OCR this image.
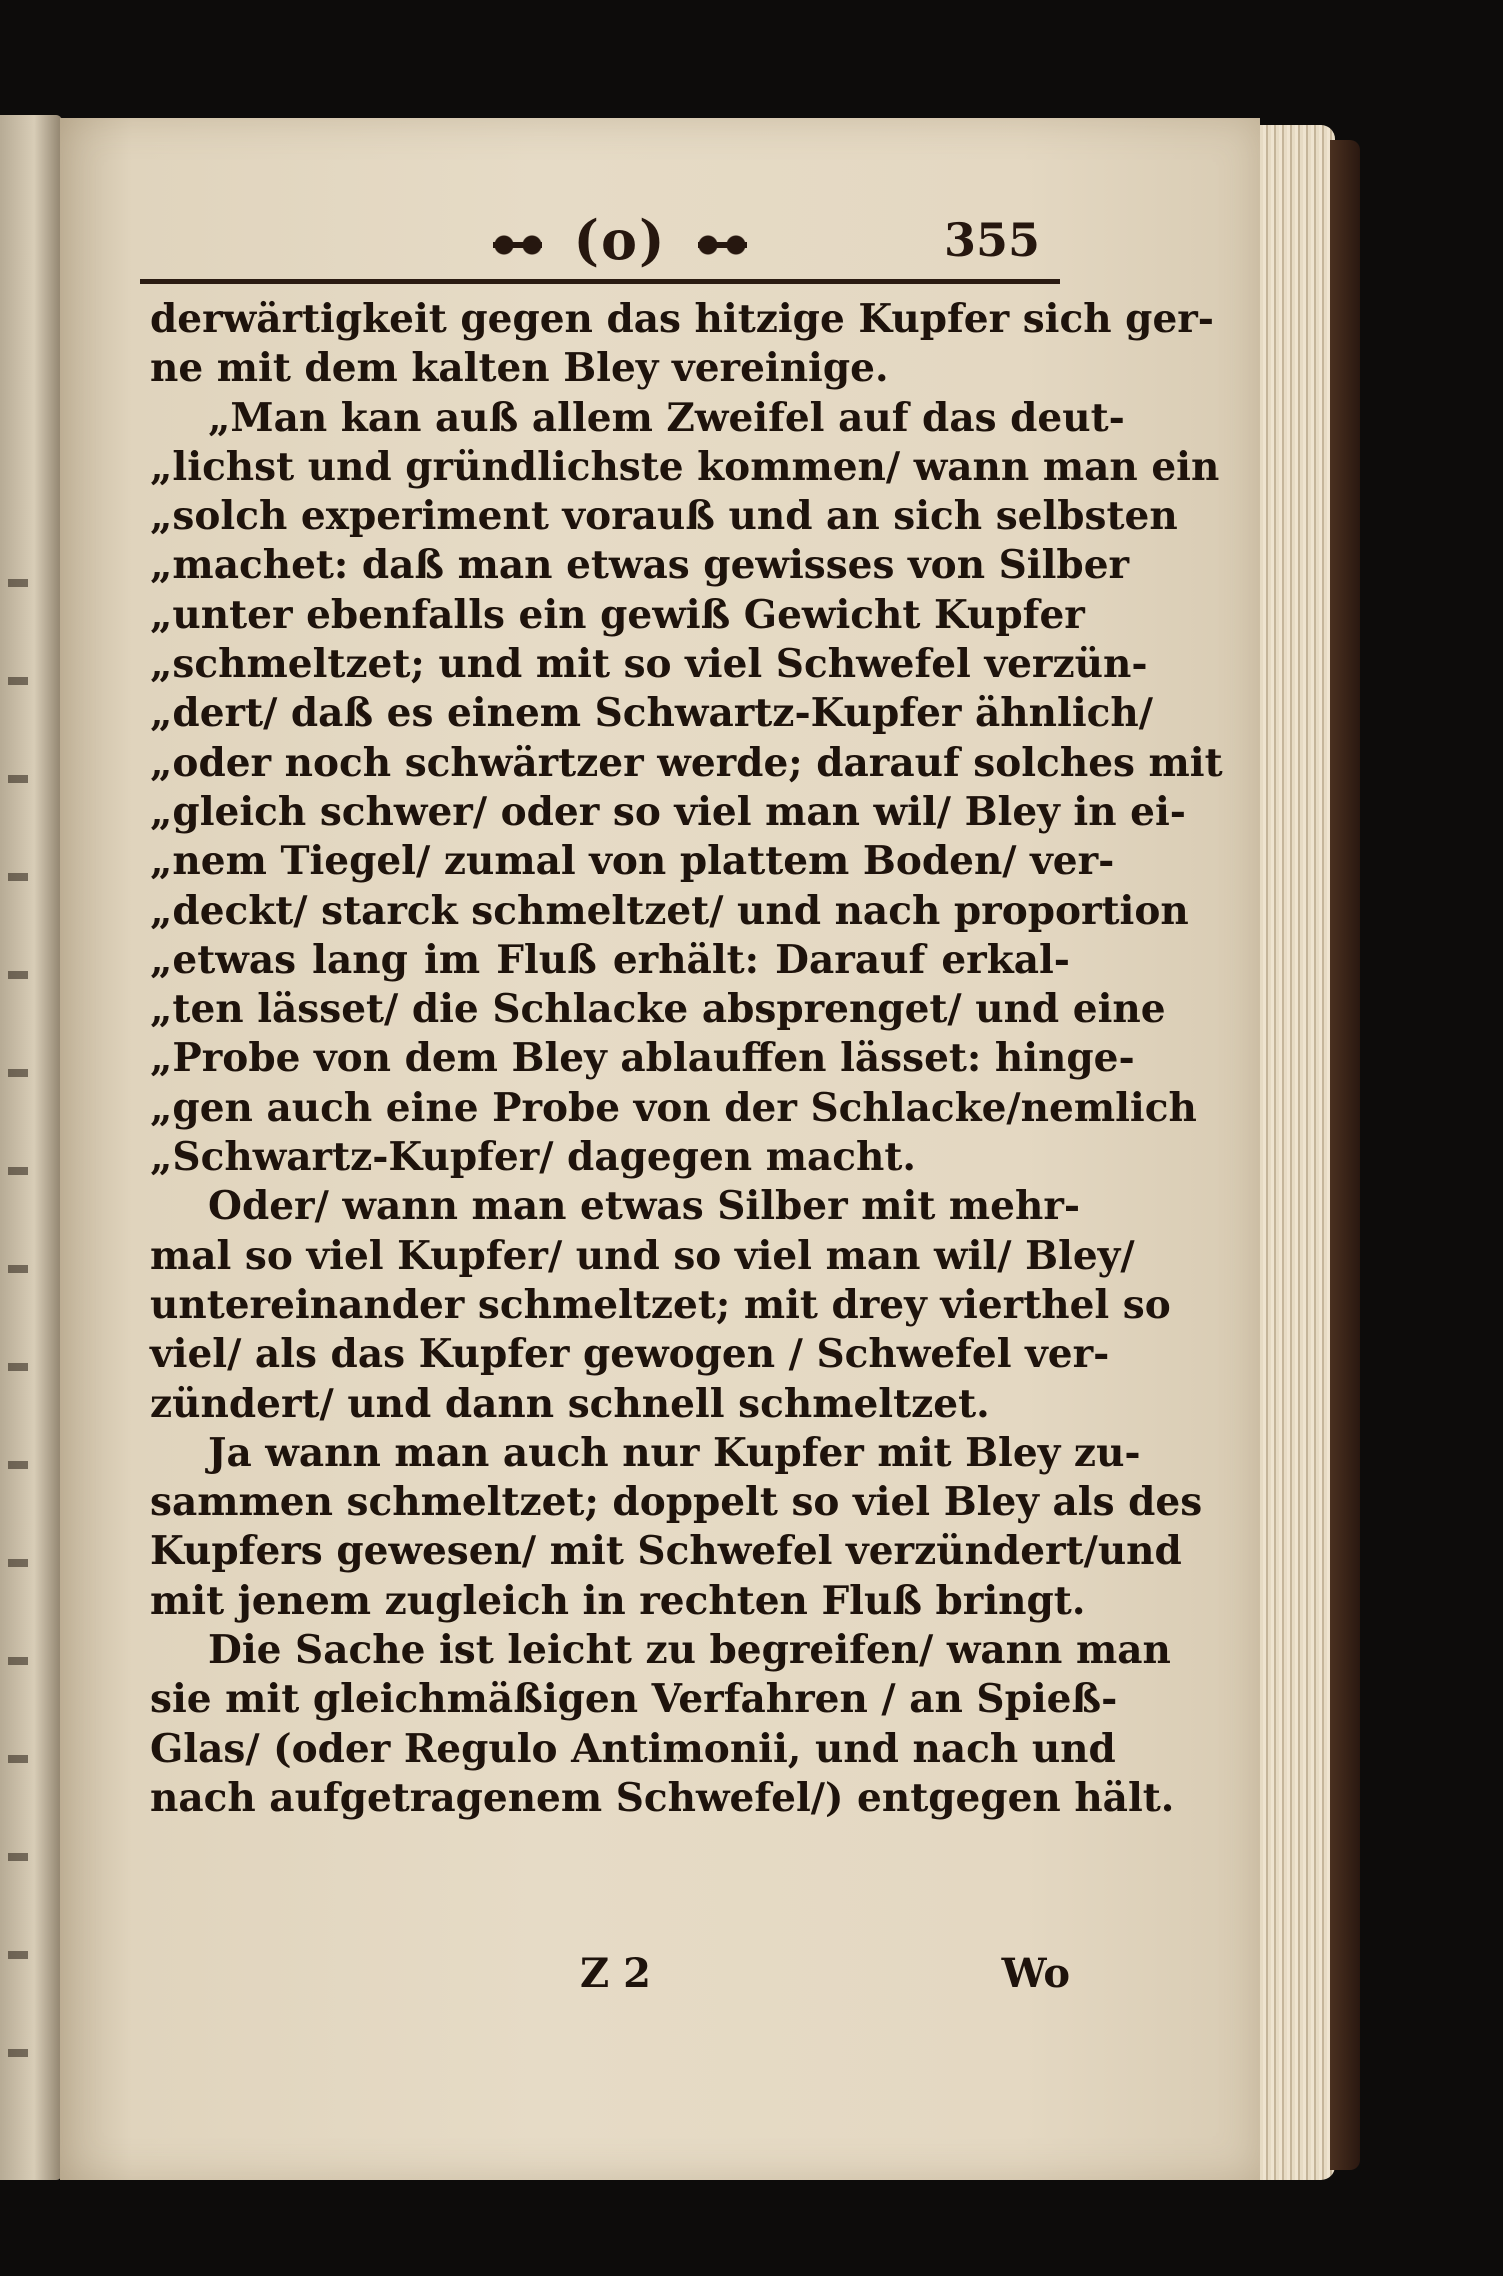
(o)	355
derwärtigkeit gegen das hitzige Kupfer sich ger-
ne mit dem kalten Bley vereinige.
„Man kan auß allem Zweifel auf das deut-
„lichst und gründlichste kommen/ wann man ein
„solch experiment vorauß und an sich selbsten
„machet: daß man etwas gewisses von Silber
„unter ebenfalls ein gewiß Gewicht Kupfer
„schmeltzet; und mit so viel Schwefel verzün-
„dert/ daß es einem Schwartz-Kupfer ähnlich/
„oder noch schwärtzer werde; darauf solches mit
„gleich schwer/ oder so viel man wil/ Bley in ei-
„nem Tiegel/ zumal von plattem Boden/ ver-
„deckt/ starck schmeltzet/ und nach proportion
„etwas lang im Fluß erhält: Darauf erkal-
„ten lässet/ die Schlacke absprenget/ und eine
„Probe von dem Bley ablauffen lässet: hinge-
„gen auch eine Probe von der Schlacke/nemlich
„Schwartz-Kupfer/ dagegen macht.
Oder/ wann man etwas Silber mit mehr-
mal so viel Kupfer/ und so viel man wil/ Bley/
untereinander schmeltzet; mit drey vierthel so
viel/ als das Kupfer gewogen / Schwefel ver-
zündert/ und dann schnell schmeltzet.
Ja wann man auch nur Kupfer mit Bley zu-
sammen schmeltzet; doppelt so viel Bley als des
Kupfers gewesen/ mit Schwefel verzündert/und
mit jenem zugleich in rechten Fluß bringt.
Die Sache ist leicht zu begreifen/ wann man
sie mit gleichmäßigen Verfahren / an Spieß-
Glas/ (oder Regulo Antimonii, und nach und
nach aufgetragenem Schwefel/) entgegen hält.
Z 2	Wo
